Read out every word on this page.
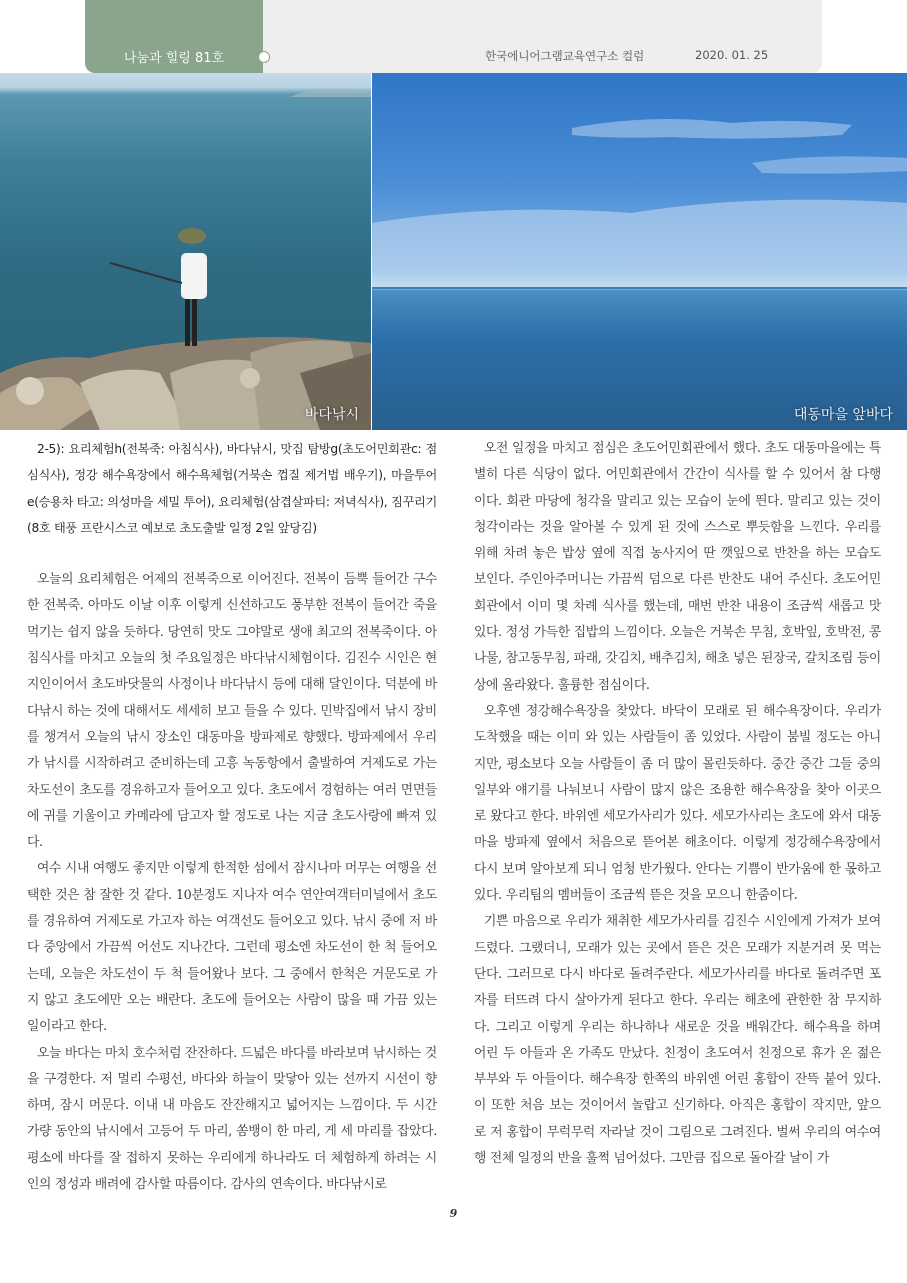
나눔과 힐링 81호	한국에니어그램교육연구소 컬럼	2020. 01. 25
바다낚시	대동마을 앞바다

2-5): 요리체험h(전복죽: 아침식사), 바다낚시, 맛집 탐방g(초도어민회관c: 점심식사), 정강 해수욕장에서 해수욕체험(거북손 껍질 제거법 배우기), 마을투어e(승용차 타고: 의성마을 세밀 투어), 요리체험(삼겹살파티: 저녁식사), 짐꾸리기(8호 태풍 프란시스코 예보로 초도출발 일정 2일 앞당김)

오늘의 요리체험은 어제의 전복죽으로 이어진다. 전복이 듬뿍 들어간 구수한 전복죽. 아마도 이날 이후 이렇게 신선하고도 풍부한 전복이 들어간 죽을 먹기는 쉽지 않을 듯하다. 당연히 맛도 그야말로 생애 최고의 전복죽이다. 아침식사를 마치고 오늘의 첫 주요일정은 바다낚시체험이다. 김진수 시인은 현지인이어서 초도바닷물의 사정이나 바다낚시 등에 대해 달인이다. 덕분에 바다낚시 하는 것에 대해서도 세세히 보고 들을 수 있다. 민박집에서 낚시 장비를 챙겨서 오늘의 낚시 장소인 대동마을 방파제로 향했다. 방파제에서 우리가 낚시를 시작하려고 준비하는데 고흥 녹동항에서 출발하여 거제도로 가는 차도선이 초도를 경유하고자 들어오고 있다. 초도에서 경험하는 여러 면면들에 귀를 기울이고 카메라에 담고자 할 정도로 나는 지금 초도사랑에 빠져 있다.

여수 시내 여행도 좋지만 이렇게 한적한 섬에서 잠시나마 머무는 여행을 선택한 것은 참 잘한 것 같다. 10분정도 지나자 여수 연안여객터미널에서 초도를 경유하여 거제도로 가고자 하는 여객선도 들어오고 있다. 낚시 중에 저 바다 중앙에서 가끔씩 어선도 지나간다. 그런데 평소엔 차도선이 한 척 들어오는데, 오늘은 차도선이 두 척 들어왔나 보다. 그 중에서 한척은 거문도로 가지 않고 초도에만 오는 배란다. 초도에 들어오는 사람이 많을 때 가끔 있는 일이라고 한다.

오늘 바다는 마치 호수처럼 잔잔하다. 드넓은 바다를 바라보며 낚시하는 것을 구경한다. 저 멀리 수평선, 바다와 하늘이 맞닿아 있는 선까지 시선이 향하며, 잠시 머문다. 이내 내 마음도 잔잔해지고 넓어지는 느낌이다. 두 시간 가량 동안의 낚시에서 고등어 두 마리, 쏨뱅이 한 마리, 게 세 마리를 잡았다. 평소에 바다를 잘 접하지 못하는 우리에게 하나라도 더 체험하게 하려는 시인의 정성과 배려에 감사할 따름이다. 감사의 연속이다. 바다낚시로

오전 일정을 마치고 점심은 초도어민회관에서 했다. 초도 대동마을에는 특별히 다른 식당이 없다. 어민회관에서 간간이 식사를 할 수 있어서 참 다행이다. 회관 마당에 청각을 말리고 있는 모습이 눈에 띈다. 말리고 있는 것이 청각이라는 것을 알아볼 수 있게 된 것에 스스로 뿌듯함을 느낀다. 우리를 위해 차려 놓은 밥상 옆에 직접 농사지어 딴 깻잎으로 반찬을 하는 모습도 보인다. 주인아주머니는 가끔씩 덤으로 다른 반찬도 내어 주신다. 초도어민회관에서 이미 몇 차례 식사를 했는데, 매번 반찬 내용이 조금씩 새롭고 맛있다. 정성 가득한 집밥의 느낌이다. 오늘은 거북손 무침, 호박잎, 호박전, 콩나물, 참고동무침, 파래, 갓김치, 배추김치, 해초 넣은 된장국, 갈치조림 등이 상에 올라왔다. 훌륭한 점심이다.

오후엔 정강해수욕장을 찾았다. 바닥이 모래로 된 해수욕장이다. 우리가 도착했을 때는 이미 와 있는 사람들이 좀 있었다. 사람이 붐빌 정도는 아니지만, 평소보다 오늘 사람들이 좀 더 많이 몰린듯하다. 중간 중간 그들 중의 일부와 얘기를 나눠보니 사람이 많지 않은 조용한 해수욕장을 찾아 이곳으로 왔다고 한다. 바위엔 세모가사리가 있다. 세모가사리는 초도에 와서 대동마을 방파제 옆에서 처음으로 뜯어본 해초이다. 이렇게 정강해수욕장에서 다시 보며 알아보게 되니 엄청 반가웠다. 안다는 기쁨이 반가움에 한 몫하고 있다. 우리팀의 멤버들이 조금씩 뜯은 것을 모으니 한줌이다.

기쁜 마음으로 우리가 채취한 세모가사리를 김진수 시인에게 가져가 보여드렸다. 그랬더니, 모래가 있는 곳에서 뜯은 것은 모래가 지분거려 못 먹는단다. 그러므로 다시 바다로 돌려주란다. 세모가사리를 바다로 돌려주면 포자를 터뜨려 다시 살아가게 된다고 한다. 우리는 해초에 관한한 참 무지하다. 그리고 이렇게 우리는 하나하나 새로운 것을 배워간다. 해수욕을 하며 어린 두 아들과 온 가족도 만났다. 친정이 초도여서 친정으로 휴가 온 젊은 부부와 두 아들이다. 해수욕장 한쪽의 바위엔 어린 홍합이 잔뜩 붙어 있다. 이 또한 처음 보는 것이어서 놀랍고 신기하다. 아직은 홍합이 작지만, 앞으로 저 홍합이 무럭무럭 자라날 것이 그림으로 그려진다. 벌써 우리의 여수여행 전체 일정의 반을 훌쩍 넘어섰다. 그만큼 집으로 돌아갈 날이 가

9
